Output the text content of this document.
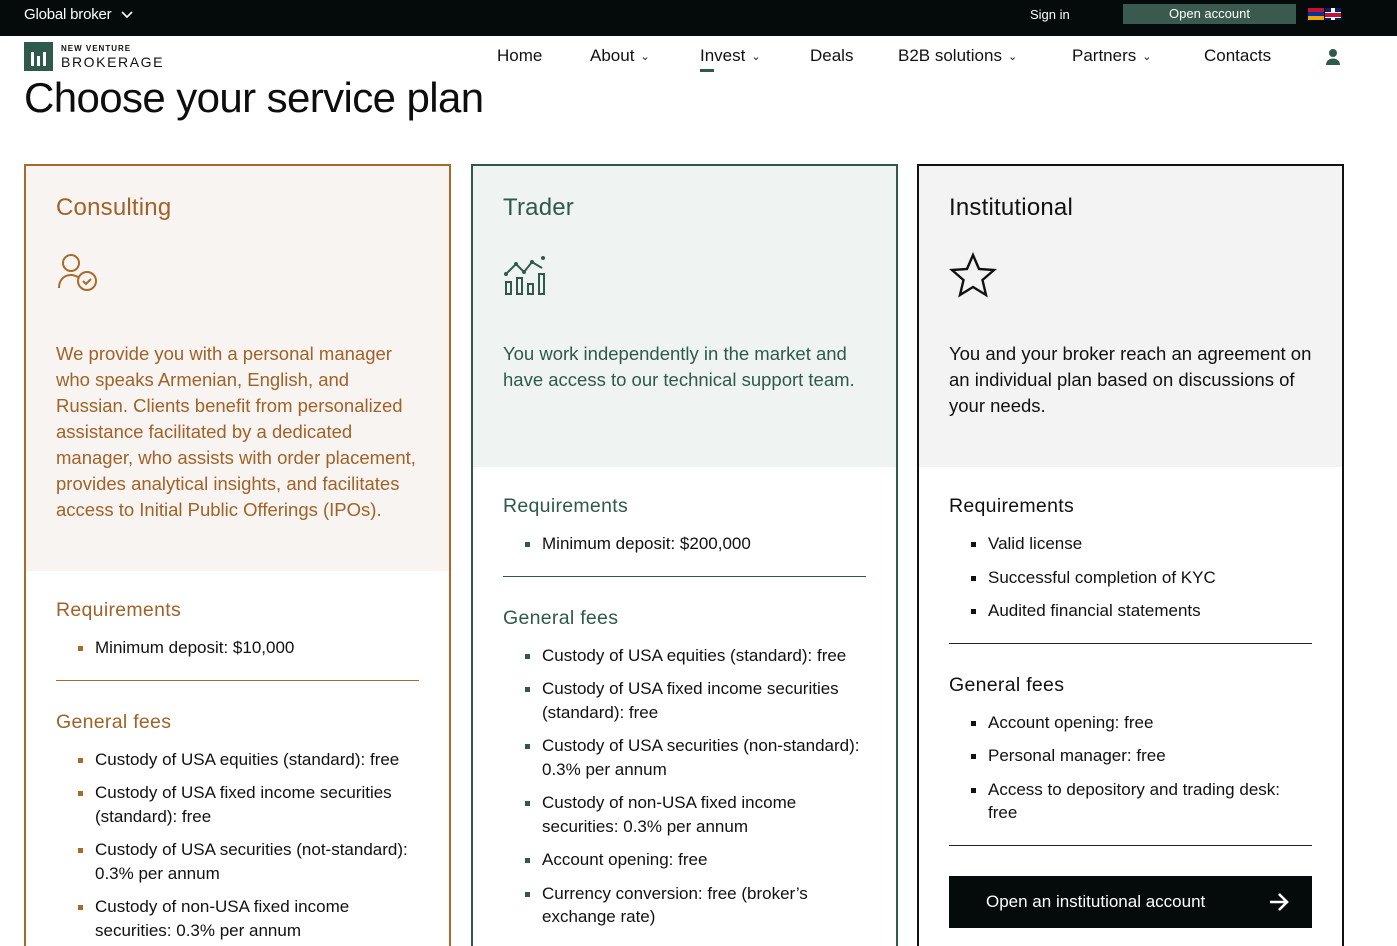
Global broker	Sign in	Open account
NEW VENTURE
BROKERAGE	Home	About ⌄	Invest ⌄	Deals	B2B solutions ⌄	Partners ⌄	Contacts
Choose your service plan
Consulting
We provide you with a personal manager who speaks Armenian, English, and Russian. Clients benefit from personalized assistance facilitated by a dedicated manager, who assists with order placement, provides analytical insights, and facilitates access to Initial Public Offerings (IPOs).
Requirements
Minimum deposit: $10,000
General fees
Custody of USA equities (standard): free
Custody of USA fixed income securities (standard): free
Custody of USA securities (not-standard): 0.3% per annum
Custody of non-USA fixed income securities: 0.3% per annum
Trader
You work independently in the market and have access to our technical support team.
Requirements
Minimum deposit: $200,000
General fees
Custody of USA equities (standard): free
Custody of USA fixed income securities (standard): free
Custody of USA securities (non-standard): 0.3% per annum
Custody of non-USA fixed income securities: 0.3% per annum
Account opening: free
Currency conversion: free (broker’s exchange rate)
Institutional
You and your broker reach an agreement on an individual plan based on discussions of your needs.
Requirements
Valid license
Successful completion of KYC
Audited financial statements
General fees
Account opening: free
Personal manager: free
Access to depository and trading desk: free
Open an institutional account
